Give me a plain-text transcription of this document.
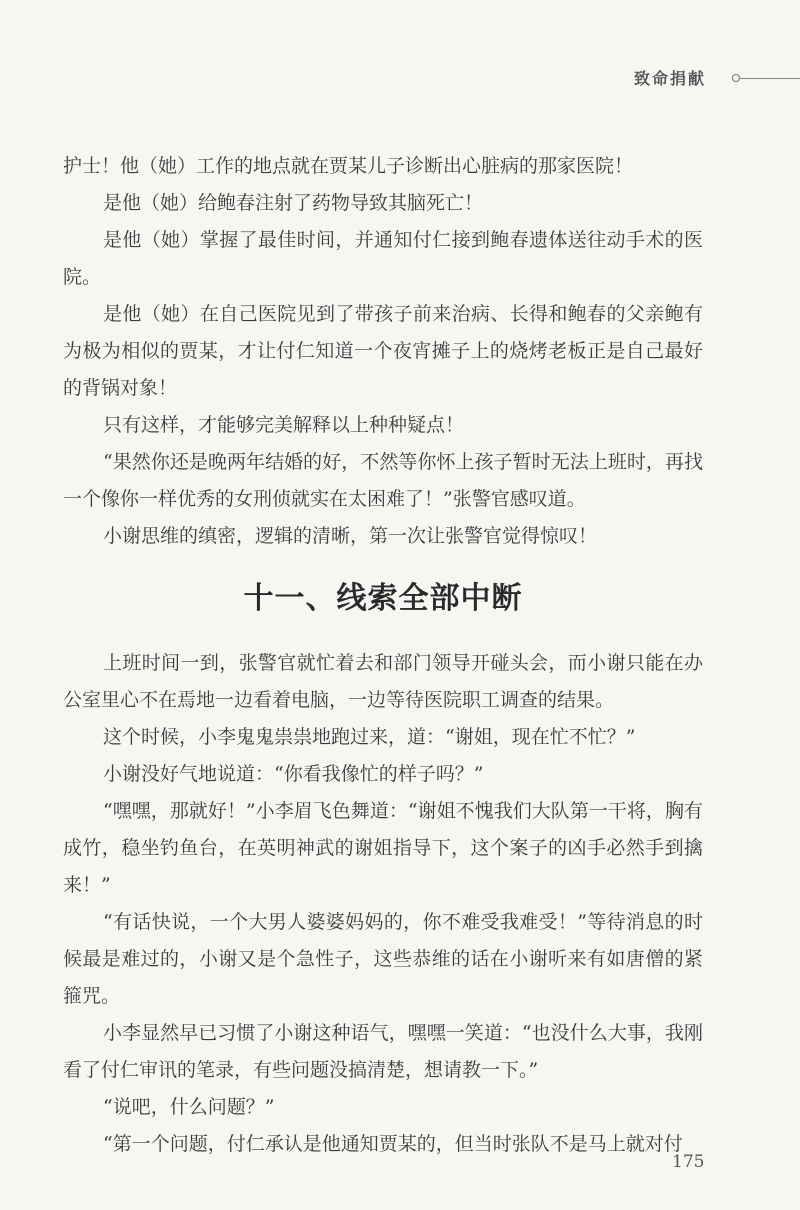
致命捐献

护士！他（她）工作的地点就在贾某儿子诊断出心脏病的那家医院！

是他（她）给鲍春注射了药物导致其脑死亡！

是他（她）掌握了最佳时间，并通知付仁接到鲍春遗体送往动手术的医院。

是他（她）在自己医院见到了带孩子前来治病、长得和鲍春的父亲鲍有为极为相似的贾某，才让付仁知道一个夜宵摊子上的烧烤老板正是自己最好的背锅对象！

只有这样，才能够完美解释以上种种疑点！

“果然你还是晚两年结婚的好，不然等你怀上孩子暂时无法上班时，再找一个像你一样优秀的女刑侦就实在太困难了！”张警官感叹道。

小谢思维的缜密，逻辑的清晰，第一次让张警官觉得惊叹！

十一、线索全部中断

上班时间一到，张警官就忙着去和部门领导开碰头会，而小谢只能在办公室里心不在焉地一边看着电脑，一边等待医院职工调查的结果。

这个时候，小李鬼鬼祟祟地跑过来，道：“谢姐，现在忙不忙？”

小谢没好气地说道：“你看我像忙的样子吗？”

“嘿嘿，那就好！”小李眉飞色舞道：“谢姐不愧我们大队第一干将，胸有成竹，稳坐钓鱼台，在英明神武的谢姐指导下，这个案子的凶手必然手到擒来！”

“有话快说，一个大男人婆婆妈妈的，你不难受我难受！”等待消息的时候最是难过的，小谢又是个急性子，这些恭维的话在小谢听来有如唐僧的紧箍咒。

小李显然早已习惯了小谢这种语气，嘿嘿一笑道：“也没什么大事，我刚看了付仁审讯的笔录，有些问题没搞清楚，想请教一下。”

“说吧，什么问题？”

“第一个问题，付仁承认是他通知贾某的，但当时张队不是马上就对付

175
